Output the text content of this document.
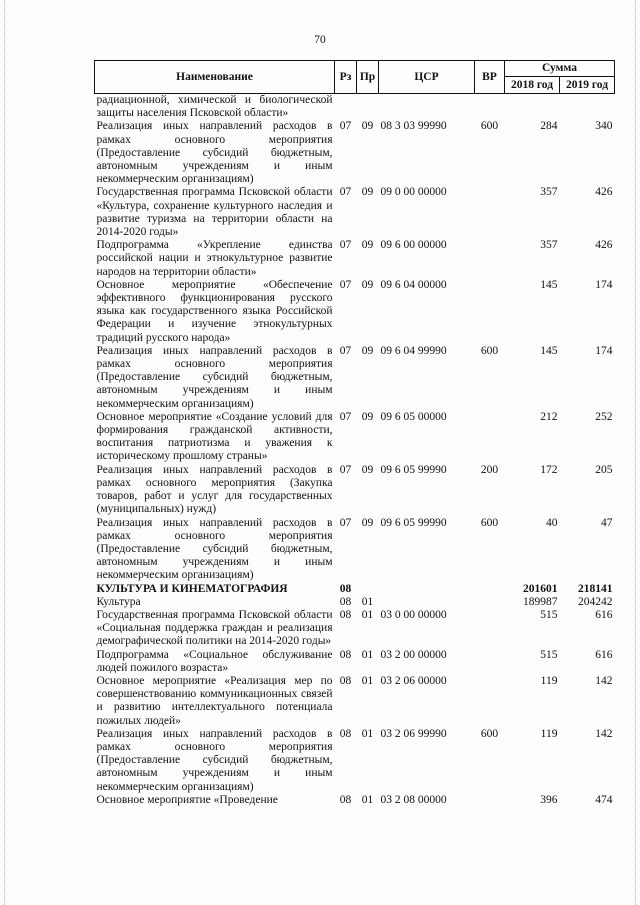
70
Наименование	Рз	Пр	ЦСР	ВР	Сумма	
					2018 год	2019 год
радиационной, химической и биологической защиты населения Псковской области»						
Реализация иных направлений расходов в рамках основного мероприятия (Предоставление субсидий бюджетным, автономным учреждениям и иным некоммерческим организациям)	07	09	08 3 03 99990	600	284	340
Государственная программа Псковской области «Культура, сохранение культурного наследия и развитие туризма на территории области на 2014-2020 годы»	07	09	09 0 00 00000		357	426
Подпрограмма «Укрепление единства российской нации и этнокультурное развитие народов на территории области»	07	09	09 6 00 00000		357	426
Основное мероприятие «Обеспечение эффективного функционирования русского языка как государственного языка Российской Федерации и изучение этнокультурных традиций русского народа»	07	09	09 6 04 00000		145	174
Реализация иных направлений расходов в рамках основного мероприятия (Предоставление субсидий бюджетным, автономным учреждениям и иным некоммерческим организациям)	07	09	09 6 04 99990	600	145	174
Основное мероприятие «Создание условий для формирования гражданской активности, воспитания патриотизма и уважения к историческому прошлому страны»	07	09	09 6 05 00000		212	252
Реализация иных направлений расходов в рамках основного мероприятия (Закупка товаров, работ и услуг для государственных (муниципальных) нужд)	07	09	09 6 05 99990	200	172	205
Реализация иных направлений расходов в рамках основного мероприятия (Предоставление субсидий бюджетным, автономным учреждениям и иным некоммерческим организациям)	07	09	09 6 05 99990	600	40	47
КУЛЬТУРА И КИНЕМАТОГРАФИЯ	08				201601	218141
Культура	08	01			189987	204242
Государственная программа Псковской области «Социальная поддержка граждан и реализация демографической политики на 2014-2020 годы»	08	01	03 0 00 00000		515	616
Подпрограмма «Социальное обслуживание людей пожилого возраста»	08	01	03 2 00 00000		515	616
Основное мероприятие «Реализация мер по совершенствованию коммуникационных связей и развитию интеллектуального потенциала пожилых людей»	08	01	03 2 06 00000		119	142
Реализация иных направлений расходов в рамках основного мероприятия (Предоставление субсидий бюджетным, автономным учреждениям и иным некоммерческим организациям)	08	01	03 2 06 99990	600	119	142
Основное мероприятие «Проведение	08	01	03 2 08 00000		396	474
